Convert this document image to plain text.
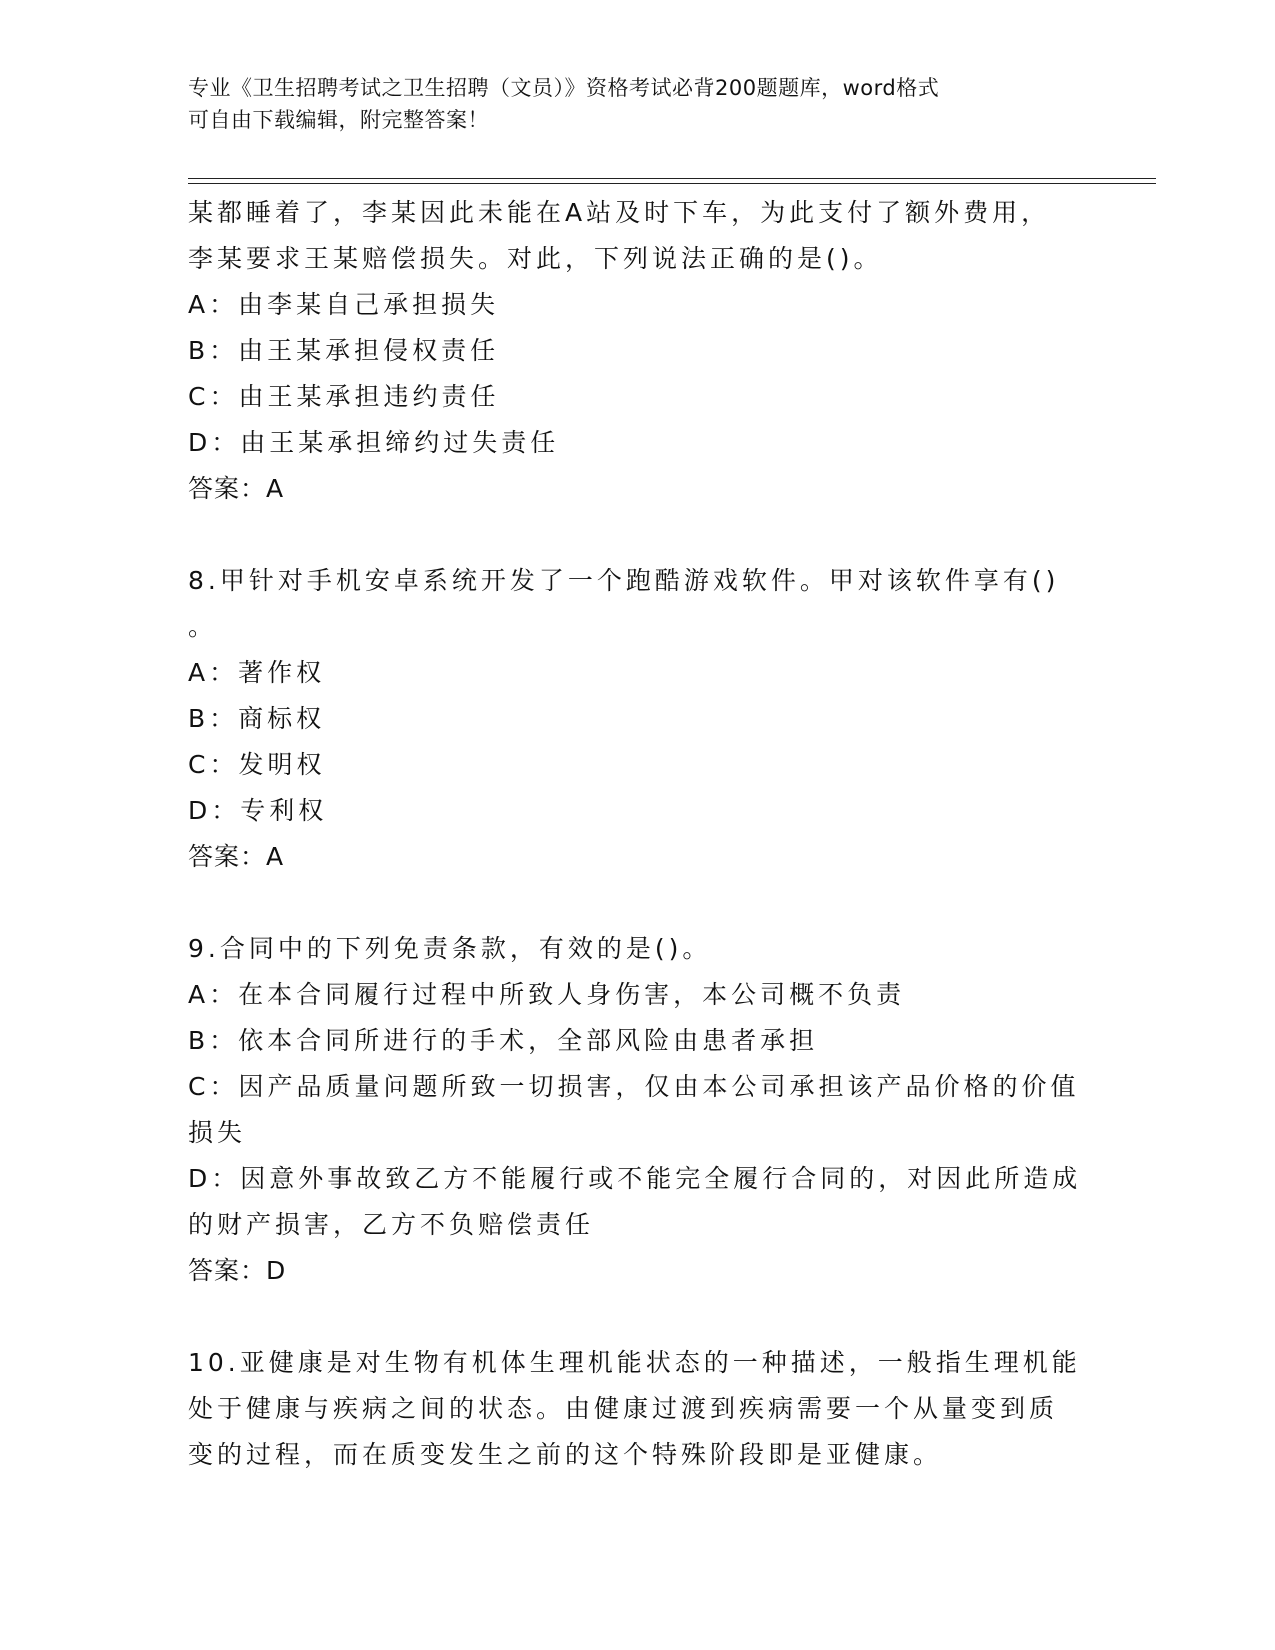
专业《卫生招聘考试之卫生招聘（文员）》资格考试必背200题题库，word格式
可自由下载编辑，附完整答案！
某都睡着了，李某因此未能在A站及时下车，为此支付了额外费用，
李某要求王某赔偿损失。对此，下列说法正确的是()。
A：由李某自己承担损失
B：由王某承担侵权责任
C：由王某承担违约责任
D：由王某承担缔约过失责任
答案：A
8.甲针对手机安卓系统开发了一个跑酷游戏软件。甲对该软件享有()
。
A：著作权
B：商标权
C：发明权
D：专利权
答案：A
9.合同中的下列免责条款，有效的是()。
A：在本合同履行过程中所致人身伤害，本公司概不负责
B：依本合同所进行的手术，全部风险由患者承担
C：因产品质量问题所致一切损害，仅由本公司承担该产品价格的价值
损失
D：因意外事故致乙方不能履行或不能完全履行合同的，对因此所造成
的财产损害，乙方不负赔偿责任
答案：D
10.亚健康是对生物有机体生理机能状态的一种描述，一般指生理机能
处于健康与疾病之间的状态。由健康过渡到疾病需要一个从量变到质
变的过程，而在质变发生之前的这个特殊阶段即是亚健康。
